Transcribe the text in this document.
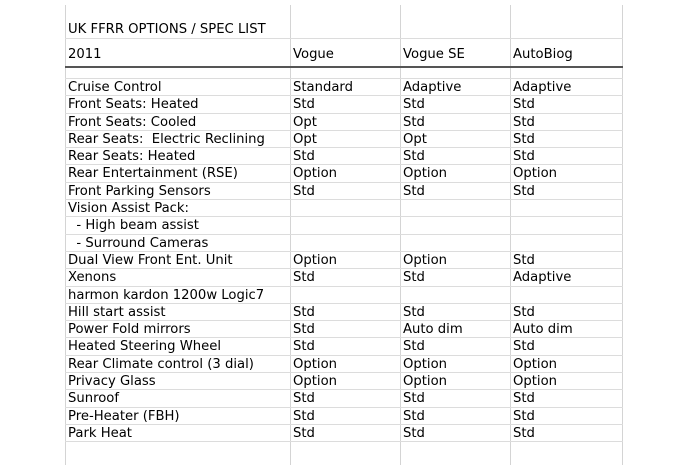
UK FFRR OPTIONS / SPEC LIST
2011	Vogue	Vogue SE	AutoBiog
Cruise Control	Standard	Adaptive	Adaptive
Front Seats: Heated	Std	Std	Std
Front Seats: Cooled	Opt	Std	Std
Rear Seats:  Electric Reclining	Opt	Opt	Std
Rear Seats: Heated	Std	Std	Std
Rear Entertainment (RSE)	Option	Option	Option
Front Parking Sensors	Std	Std	Std
Vision Assist Pack:
- High beam assist
- Surround Cameras
Dual View Front Ent. Unit	Option	Option	Std
Xenons	Std	Std	Adaptive
harmon kardon 1200w Logic7
Hill start assist	Std	Std	Std
Power Fold mirrors	Std	Auto dim	Auto dim
Heated Steering Wheel	Std	Std	Std
Rear Climate control (3 dial)	Option	Option	Option
Privacy Glass	Option	Option	Option
Sunroof	Std	Std	Std
Pre-Heater (FBH)	Std	Std	Std
Park Heat	Std	Std	Std
